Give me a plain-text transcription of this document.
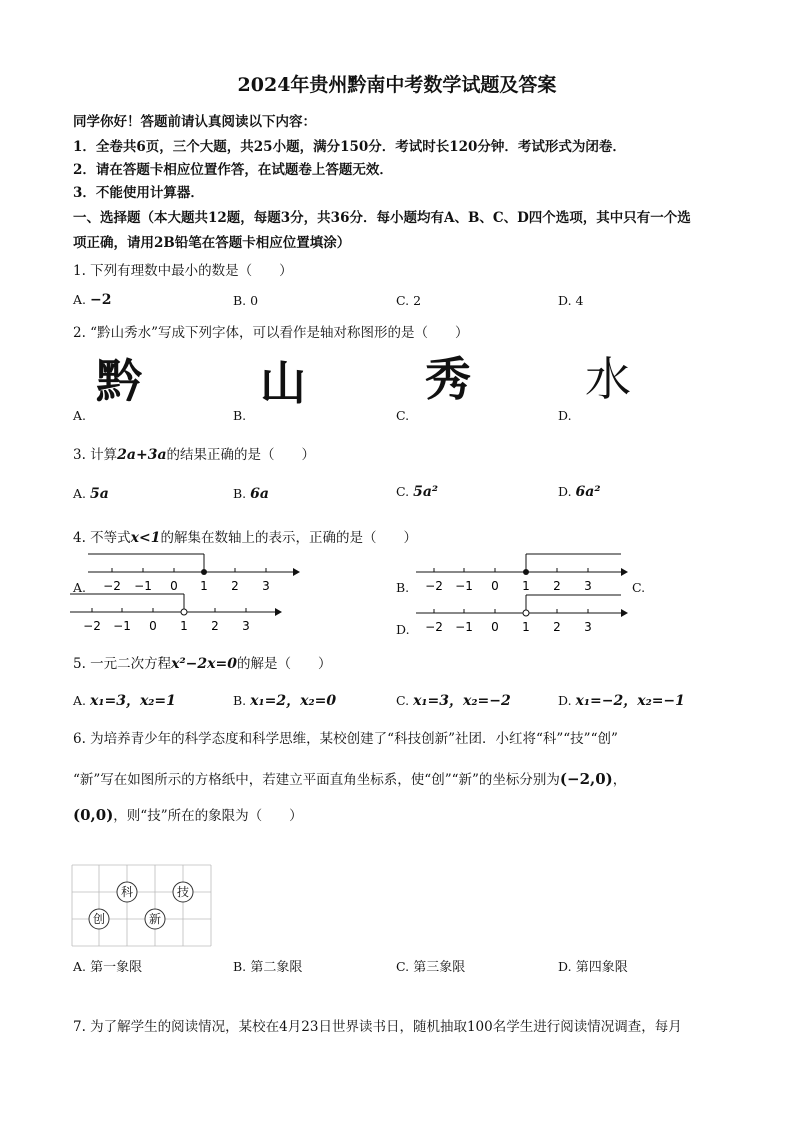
2024年贵州黔南中考数学试题及答案
同学你好！答题前请认真阅读以下内容：
1．全卷共6页，三个大题，共25小题，满分150分．考试时长120分钟．考试形式为闭卷．
2．请在答题卡相应位置作答，在试题卷上答题无效．
3．不能使用计算器．
一、选择题（本大题共12题，每题3分，共36分．每小题均有A、B、C、D四个选项，其中只有一个选
项正确，请用2B铅笔在答题卡相应位置填涂）
1. 下列有理数中最小的数是（　　）
A. −2	B. 0	C. 2	D. 4
2. “黔山秀水”写成下列字体，可以看作是轴对称图形的是（　　）
黔	山	秀 水
A.	B.	C.	D.
3. 计算2a+3a的结果正确的是（　　）
A. 5a	B. 6a	C. 5a²	D. 6a²
4. 不等式x<1的解集在数轴上的表示，正确的是（　　）
A. −2 −1 0 1 2 3	B. −2 −1 0 1 2 3	C.
−2 −1 0 1 2 3	D. −2 −1 0 1 2 3
5. 一元二次方程x²−2x=0的解是（　　）
A. x₁=3，x₂=1	B. x₁=2，x₂=0	C. x₁=3，x₂=−2	D. x₁=−2，x₂=−1
6. 为培养青少年的科学态度和科学思维，某校创建了“科技创新”社团．小红将“科”“技”“创”
“新”写在如图所示的方格纸中，若建立平面直角坐标系，使“创”“新”的坐标分别为(−2,0)，
(0,0)，则“技”所在的象限为（　　）
科	技
创	新
A. 第一象限	B. 第二象限	C. 第三象限	D. 第四象限
7. 为了解学生的阅读情况，某校在4月23日世界读书日，随机抽取100名学生进行阅读情况调查，每月
